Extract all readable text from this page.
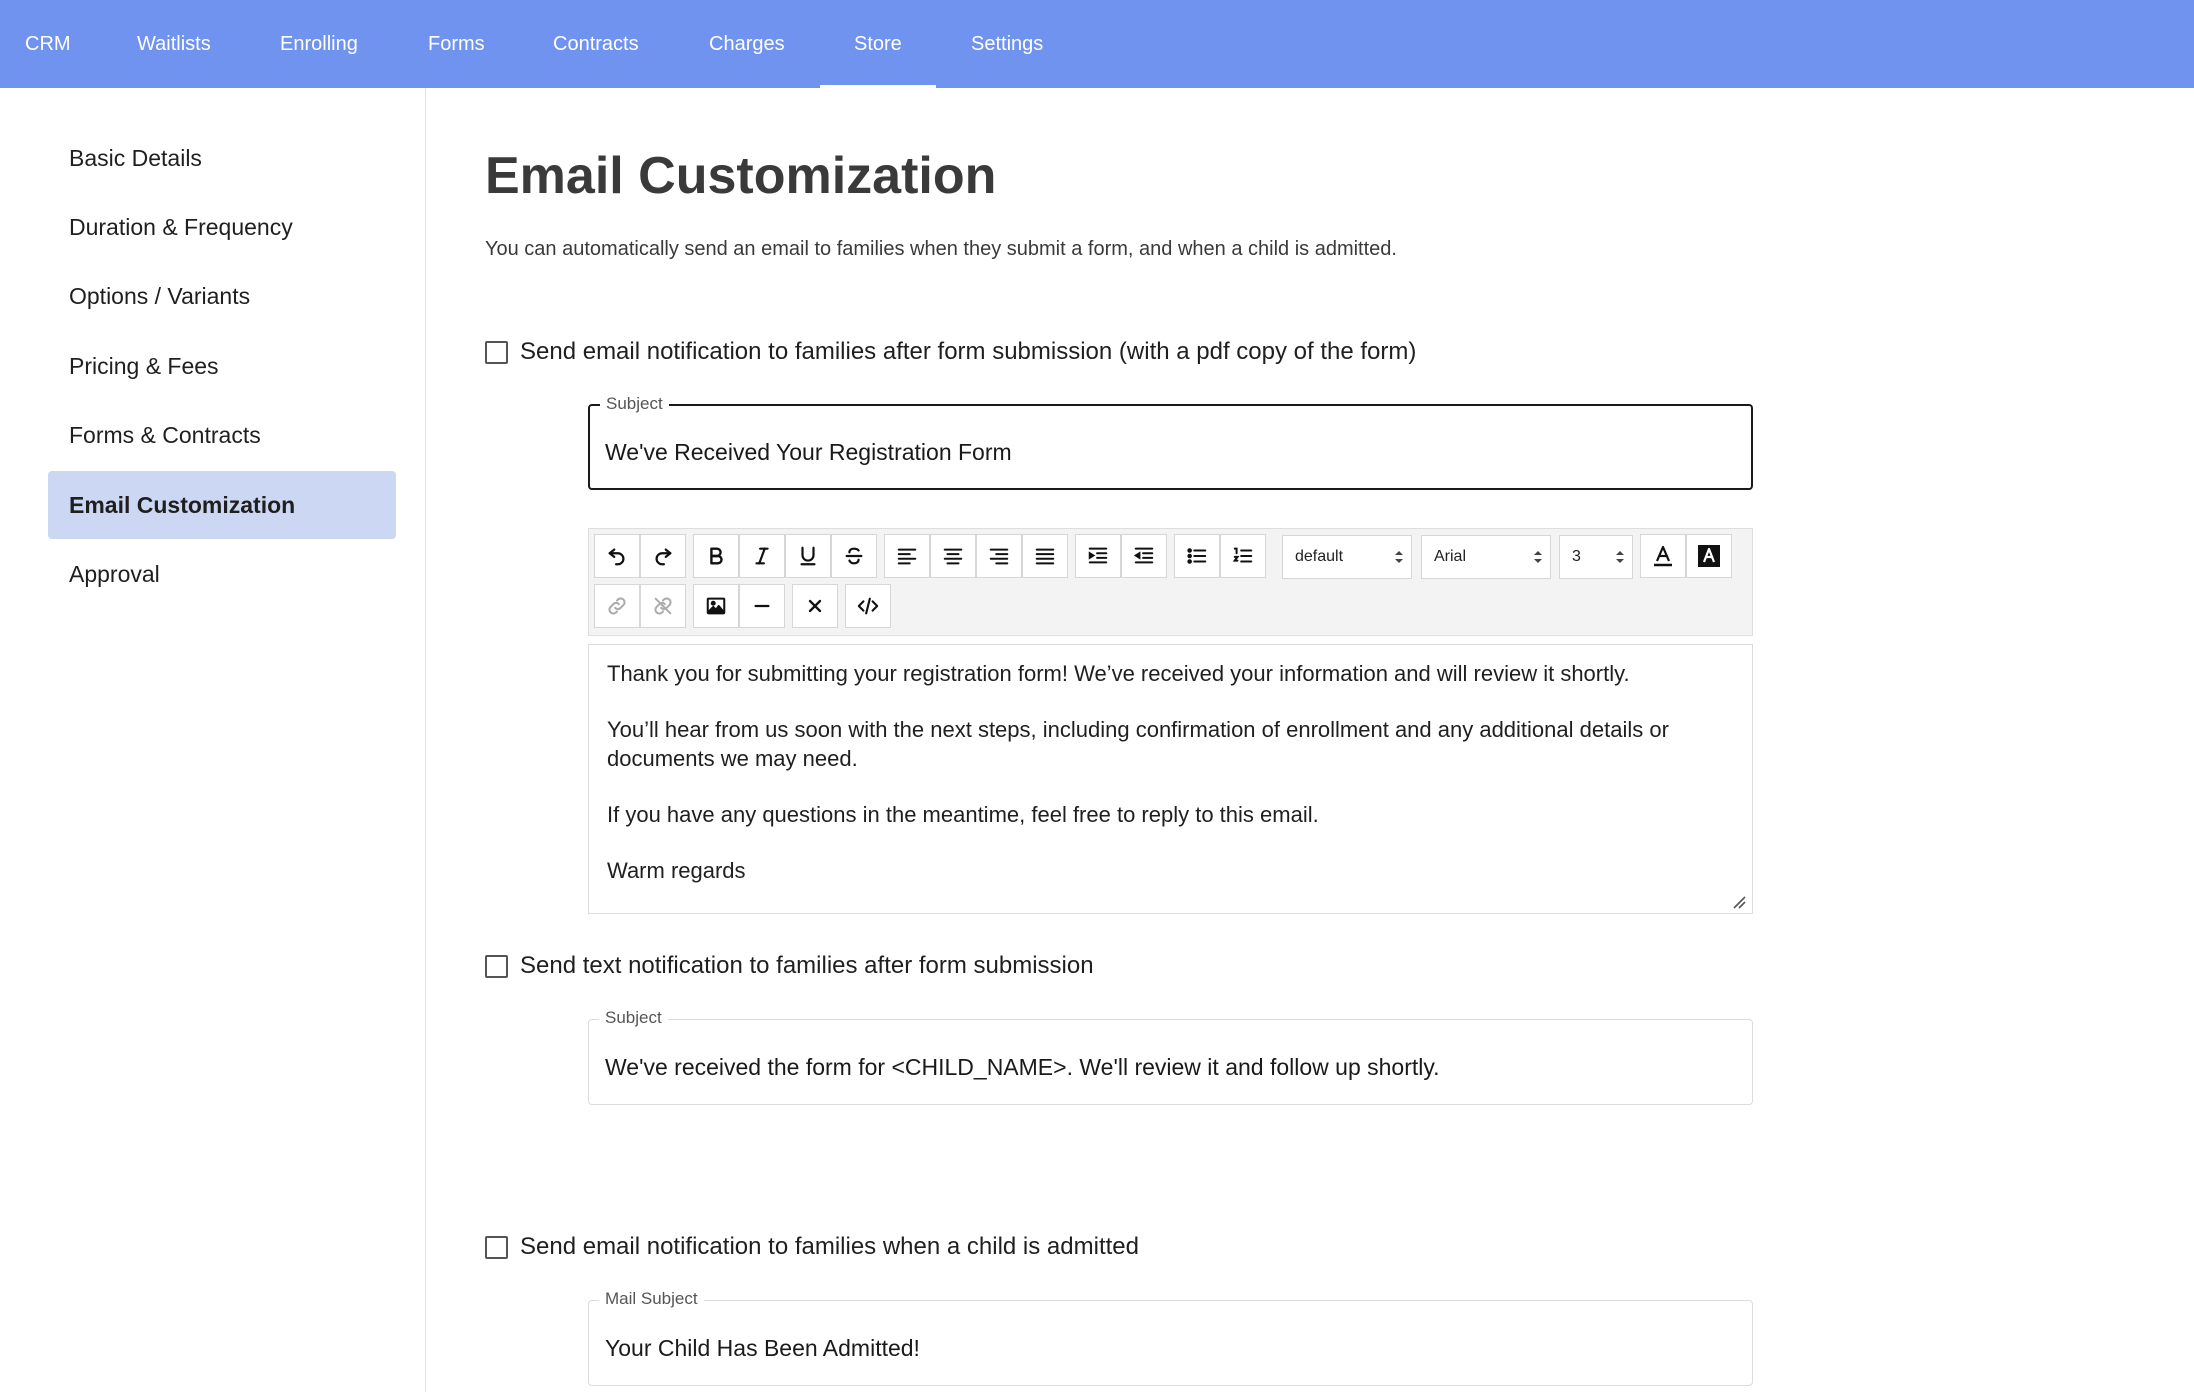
CRM	Waitlists	Enrolling	Forms	Contracts	Charges	Store	Settings
Basic Details
Duration & Frequency
Options / Variants
Pricing & Fees
Forms & Contracts
Email Customization
Approval
Email Customization
You can automatically send an email to families when they submit a form, and when a child is admitted.
Send email notification to families after form submission (with a pdf copy of the form)
Subject
We've Received Your Registration Form
default	Arial	3

Thank you for submitting your registration form! We’ve received your information and will review it shortly.

You’ll hear from us soon with the next steps, including confirmation of enrollment and any additional details or documents we may need.

If you have any questions in the meantime, feel free to reply to this email.

Warm regards

Send text notification to families after form submission
Subject
We've received the form for <CHILD_NAME>. We'll review it and follow up shortly.
Send email notification to families when a child is admitted
Mail Subject
Your Child Has Been Admitted!
